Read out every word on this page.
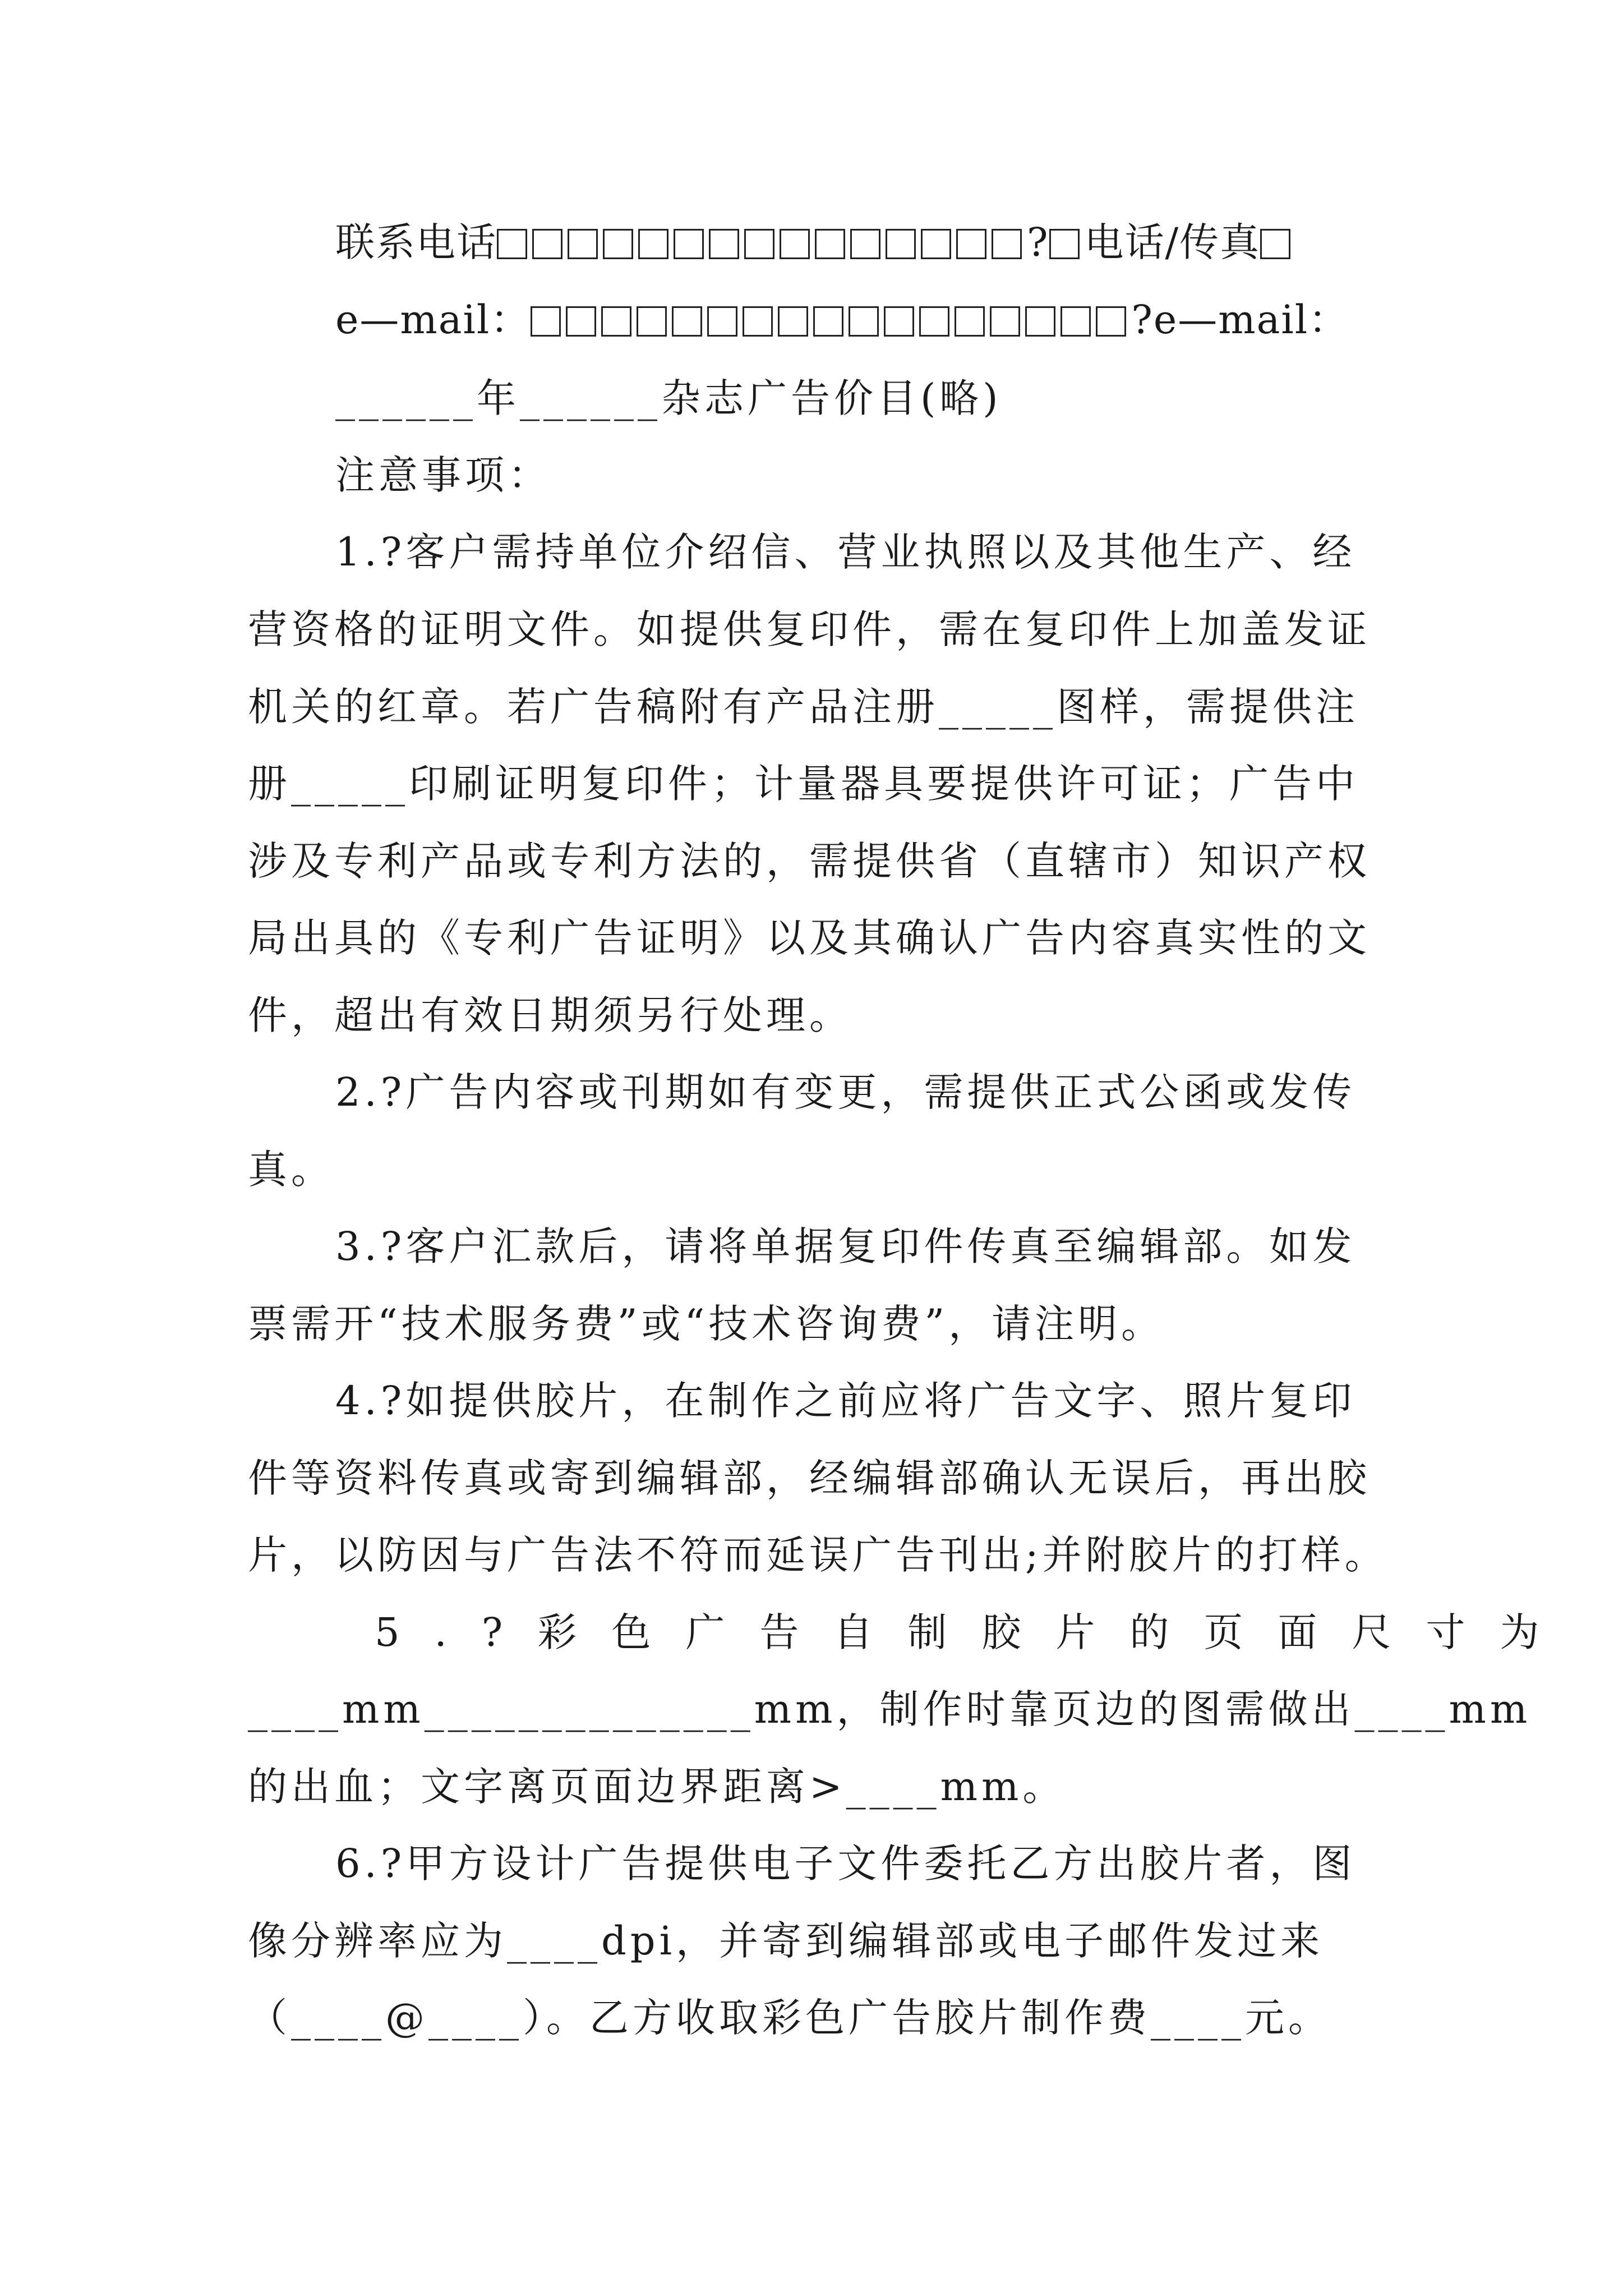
联系电话	? 电话/传真
e—mail：	?e—mail：
______年______杂志广告价目(略)
注意事项：
1.?客户需持单位介绍信、营业执照以及其他生产、经
营资格的证明文件。如提供复印件，需在复印件上加盖发证
机关的红章。若广告稿附有产品注册_____图样，需提供注
册_____印刷证明复印件；计量器具要提供许可证；广告中
涉及专利产品或专利方法的，需提供省（直辖市）知识产权
局出具的《专利广告证明》以及其确认广告内容真实性的文
件，超出有效日期须另行处理。
2.?广告内容或刊期如有变更，需提供正式公函或发传
真。
3.?客户汇款后，请将单据复印件传真至编辑部。如发
票需开“技术服务费”或“技术咨询费”，请注明。
4.?如提供胶片，在制作之前应将广告文字、照片复印
件等资料传真或寄到编辑部，经编辑部确认无误后，再出胶
片，以防因与广告法不符而延误广告刊出;并附胶片的打样。
5.?彩色广告自制胶片的页面尺寸为
____mm______________mm，制作时靠页边的图需做出____mm
的出血；文字离页面边界距离>____mm。
6.?甲方设计广告提供电子文件委托乙方出胶片者，图
像分辨率应为____dpi，并寄到编辑部或电子邮件发过来
（____@____）。乙方收取彩色广告胶片制作费____元。
